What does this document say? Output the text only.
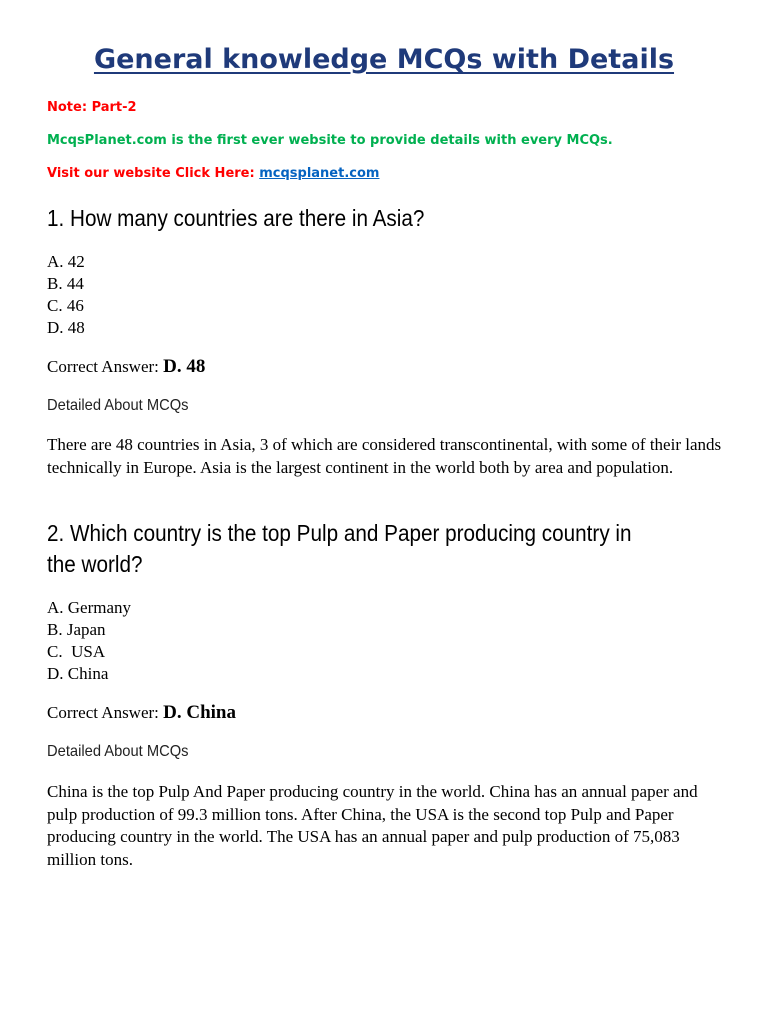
General knowledge MCQs with Details
Note: Part-2
McqsPlanet.com is the first ever website to provide details with every MCQs.
Visit our website Click Here: mcqsplanet.com
1. How many countries are there in Asia?
A. 42
B. 44
C. 46
D. 48
Correct Answer: D. 48
Detailed About MCQs
There are 48 countries in Asia, 3 of which are considered transcontinental, with some of their lands technically in Europe. Asia is the largest continent in the world both by area and population.
2. Which country is the top Pulp and Paper producing country in the world?
A. Germany
B. Japan
C.  USA
D. China
Correct Answer: D. China
Detailed About MCQs
China is the top Pulp And Paper producing country in the world. China has an annual paper and pulp production of 99.3 million tons. After China, the USA is the second top Pulp and Paper producing country in the world. The USA has an annual paper and pulp production of 75,083 million tons.
